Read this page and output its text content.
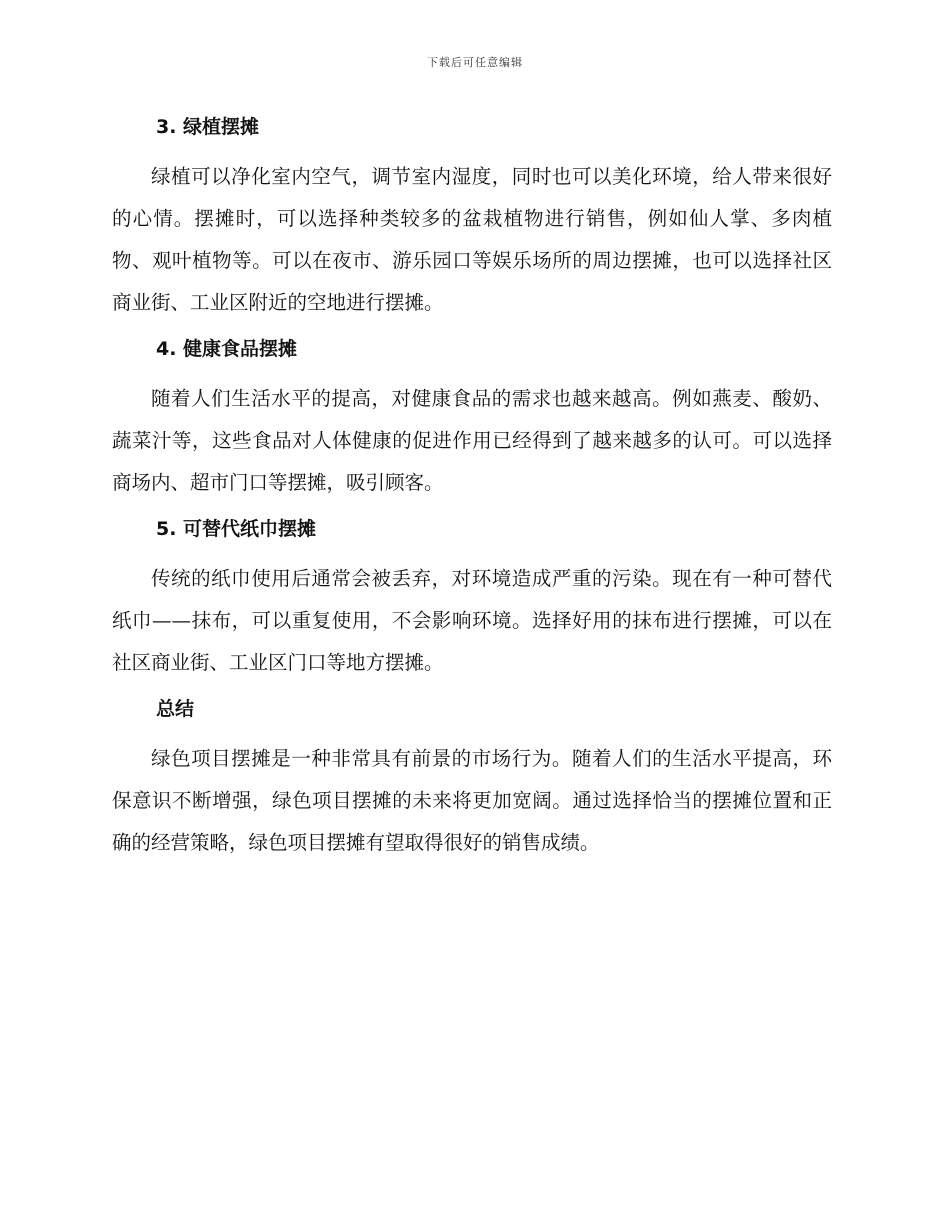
下载后可任意编辑
3. 绿植摆摊

绿植可以净化室内空气，调节室内湿度，同时也可以美化环境，给人带来很好的心情。摆摊时，可以选择种类较多的盆栽植物进行销售，例如仙人掌、多肉植物、观叶植物等。可以在夜市、游乐园口等娱乐场所的周边摆摊，也可以选择社区商业街、工业区附近的空地进行摆摊。

4. 健康食品摆摊

随着人们生活水平的提高，对健康食品的需求也越来越高。例如燕麦、酸奶、蔬菜汁等，这些食品对人体健康的促进作用已经得到了越来越多的认可。可以选择商场内、超市门口等摆摊，吸引顾客。

5. 可替代纸巾摆摊

传统的纸巾使用后通常会被丢弃，对环境造成严重的污染。现在有一种可替代纸巾——抹布，可以重复使用，不会影响环境。选择好用的抹布进行摆摊，可以在社区商业街、工业区门口等地方摆摊。

总结

绿色项目摆摊是一种非常具有前景的市场行为。随着人们的生活水平提高，环保意识不断增强，绿色项目摆摊的未来将更加宽阔。通过选择恰当的摆摊位置和正确的经营策略，绿色项目摆摊有望取得很好的销售成绩。
